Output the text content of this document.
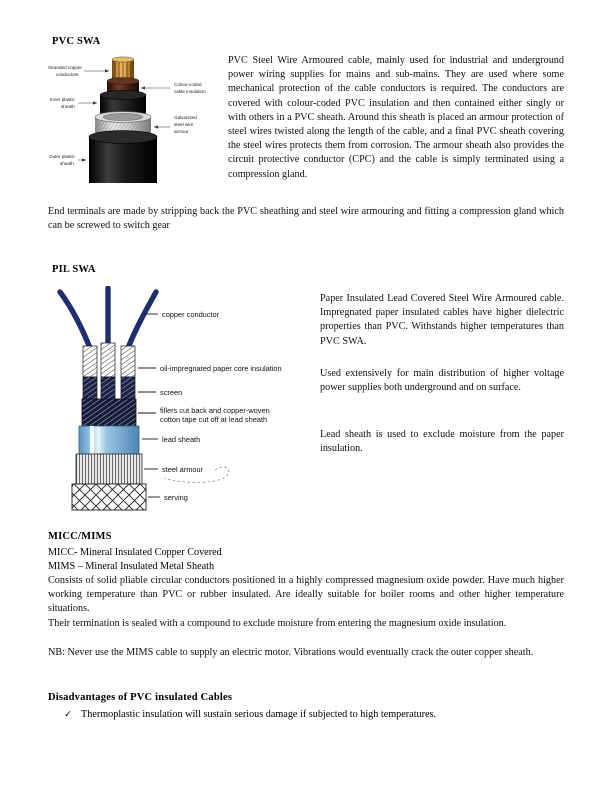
PVC SWA
Stranded copper
conductors
Inner plastic
sheath
Outer plastic
sheath
Colour-coded
cable insulation
Galvanized
steel wire
armour
PVC Steel Wire Armoured cable, mainly used for industrial and underground power wiring supplies for mains and sub-mains. They are used where some mechanical protection of the cable conductors is required. The conductors are covered with colour-coded PVC insulation and then contained either singly or with others in a PVC sheath. Around this sheath is placed an armour protection of steel wires twisted along the length of the cable, and a final PVC sheath covering the steel wires protects them from corrosion. The armour sheath also provides the circuit protective conductor (CPC) and the cable is simply terminated using a compression gland.
End terminals are made by stripping back the PVC sheathing and steel wire armouring and fitting a compression gland which can be screwed to switch gear
PIL SWA
copper conductor
oil-impregnated paper core insulation
screen
fillers cut back and copper-woven
cotton tape cut off at lead sheath
lead sheath
steel armour
serving
Paper Insulated Lead Covered Steel Wire Armoured cable. Impregnated paper insulated cables have higher dielectric properties than PVC. Withstands higher temperatures than PVC SWA.
Used extensively for main distribution of higher voltage power supplies both underground and on surface.
Lead sheath is used to exclude moisture from the paper insulation.
MICC/MIMS
MICC- Mineral Insulated Copper Covered
MIMS – Mineral Insulated Metal Sheath
Consists of solid pliable circular conductors positioned in a highly compressed magnesium oxide powder. Have much higher working temperature than PVC or rubber insulated. Are ideally suitable for boiler rooms and other higher temperature situations.
Their termination is sealed with a compound to exclude moisture from entering the magnesium oxide insulation.
NB: Never use the MIMS cable to supply an electric motor. Vibrations would eventually crack the outer copper sheath.
Disadvantages of PVC insulated Cables
✓ Thermoplastic insulation will sustain serious damage if subjected to high temperatures.
